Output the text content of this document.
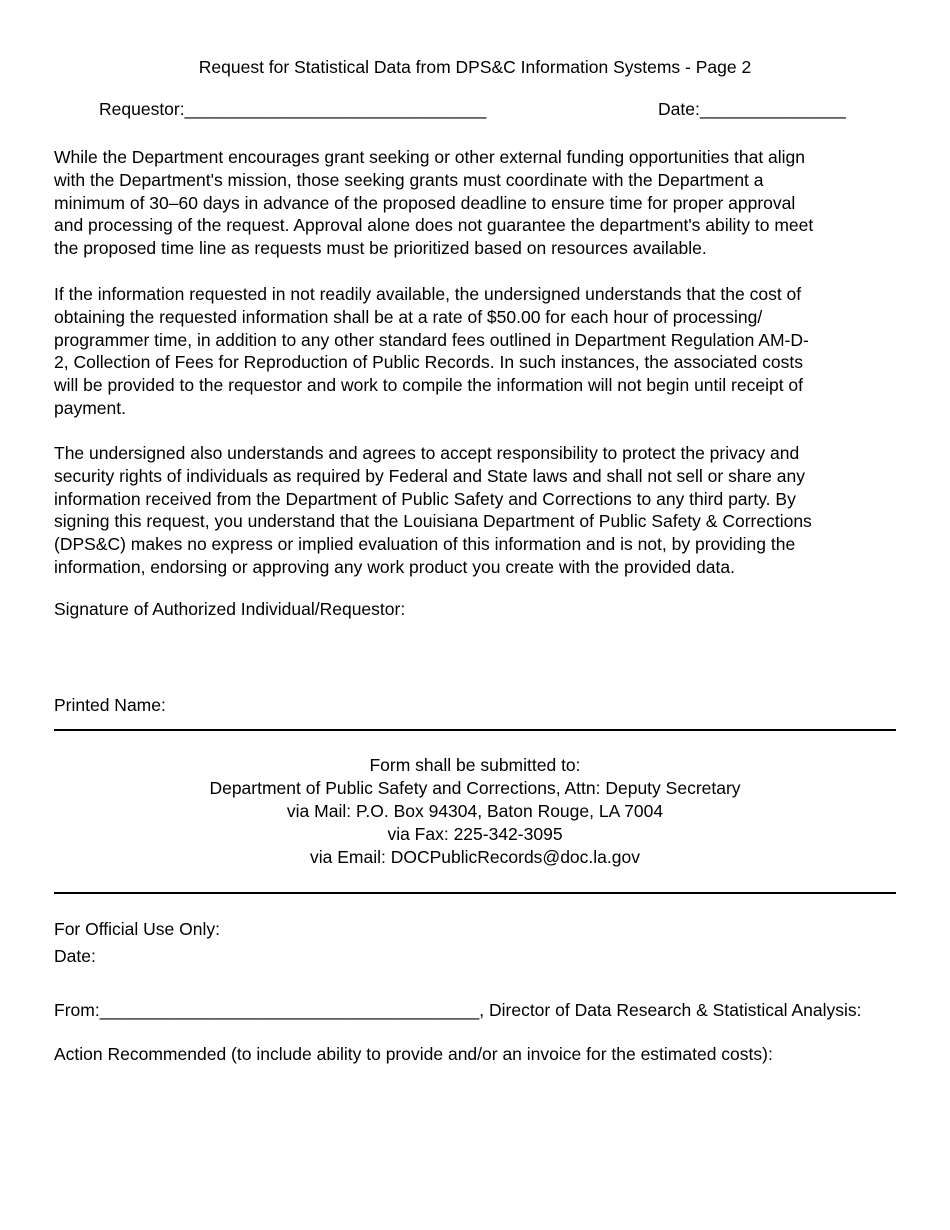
Request for Statistical Data from DPS&C Information Systems - Page 2
Requestor:_______________________________	Date:_______________
While the Department encourages grant seeking or other external funding opportunities that align
with the Department's mission, those seeking grants must coordinate with the Department a
minimum of 30–60 days in advance of the proposed deadline to ensure time for proper approval
and processing of the request. Approval alone does not guarantee the department's ability to meet
the proposed time line as requests must be prioritized based on resources available.
If the information requested in not readily available, the undersigned understands that the cost of
obtaining the requested information shall be at a rate of $50.00 for each hour of processing/
programmer time, in addition to any other standard fees outlined in Department Regulation AM-D-
2, Collection of Fees for Reproduction of Public Records. In such instances, the associated costs
will be provided to the requestor and work to compile the information will not begin until receipt of
payment.
The undersigned also understands and agrees to accept responsibility to protect the privacy and
security rights of individuals as required by Federal and State laws and shall not sell or share any
information received from the Department of Public Safety and Corrections to any third party. By
signing this request, you understand that the Louisiana Department of Public Safety & Corrections
(DPS&C) makes no express or implied evaluation of this information and is not, by providing the
information, endorsing or approving any work product you create with the provided data.
Signature of Authorized Individual/Requestor:
Printed Name:
Form shall be submitted to:
Department of Public Safety and Corrections, Attn: Deputy Secretary
via Mail: P.O. Box 94304, Baton Rouge, LA 7004
via Fax: 225-342-3095
via Email: DOCPublicRecords@doc.la.gov
For Official Use Only:
Date:
From:_______________________________________, Director of Data Research & Statistical Analysis:
Action Recommended (to include ability to provide and/or an invoice for the estimated costs):
